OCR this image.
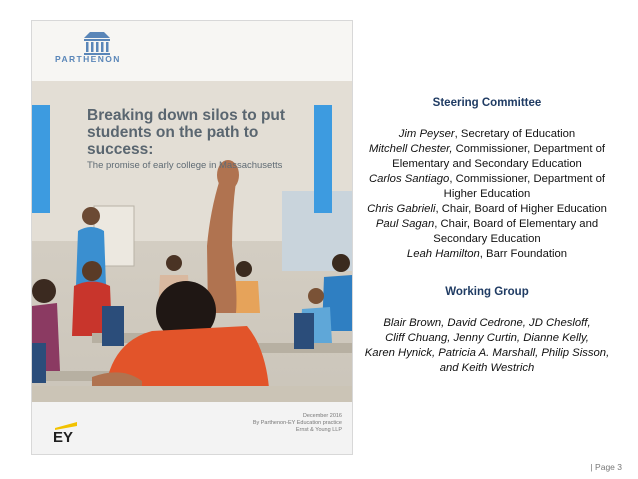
PARTHENON
Breaking down silos to put students on the path to success:
The promise of early college in Massachusetts
EY
December 2016
By Parthenon-EY Education practice
Ernst & Young LLP
Steering Committee
Jim Peyser, Secretary of Education
Mitchell Chester, Commissioner, Department of
Elementary and Secondary Education
Carlos Santiago, Commissioner, Department of
Higher Education
Chris Gabrieli, Chair, Board of Higher Education
Paul Sagan, Chair, Board of Elementary and
Secondary Education
Leah Hamilton, Barr Foundation
Working Group
Blair Brown, David Cedrone, JD Chesloff,
Cliff Chuang, Jenny Curtin, Dianne Kelly,
Karen Hynick, Patricia A. Marshall, Philip Sisson,
and Keith Westrich
| Page 3
